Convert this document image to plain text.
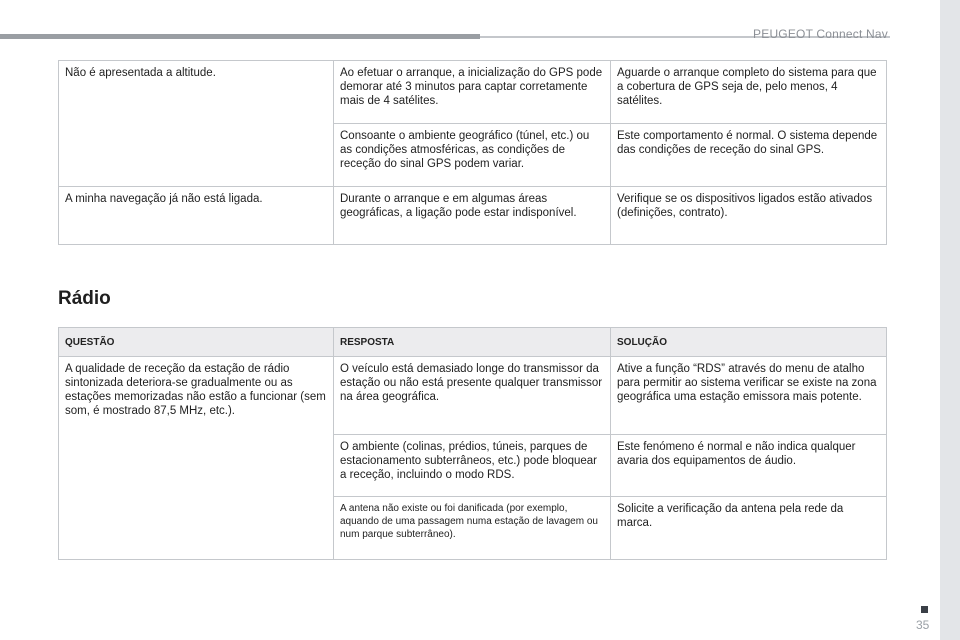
PEUGEOT Connect Nav
Não é apresentada a altitude.	Ao efetuar o arranque, a inicialização do GPS pode demorar até 3 minutos para captar corretamente mais de 4 satélites.	Aguarde o arranque completo do sistema para que a cobertura de GPS seja de, pelo menos, 4 satélites.
	Consoante o ambiente geográfico (túnel, etc.) ou as condições atmosféricas, as condições de receção do sinal GPS podem variar.	Este comportamento é normal. O sistema depende das condições de receção do sinal GPS.
A minha navegação já não está ligada.	Durante o arranque e em algumas áreas geográficas, a ligação pode estar indisponível.	Verifique se os dispositivos ligados estão ativados (definições, contrato).
Rádio
QUESTÃO	RESPOSTA	SOLUÇÃO
A qualidade de receção da estação de rádio sintonizada deteriora-se gradualmente ou as estações memorizadas não estão a funcionar (sem som, é mostrado 87,5 MHz, etc.).	O veículo está demasiado longe do transmissor da estação ou não está presente qualquer transmissor na área geográfica.	Ative a função “RDS” através do menu de atalho para permitir ao sistema verificar se existe na zona geográfica uma estação emissora mais potente.
	O ambiente (colinas, prédios, túneis, parques de estacionamento subterrâneos, etc.) pode bloquear a receção, incluindo o modo RDS.	Este fenómeno é normal e não indica qualquer avaria dos equipamentos de áudio.
	A antena não existe ou foi danificada (por exemplo, aquando de uma passagem numa estação de lavagem ou num parque subterrâneo).	Solicite a verificação da antena pela rede da marca.
35
